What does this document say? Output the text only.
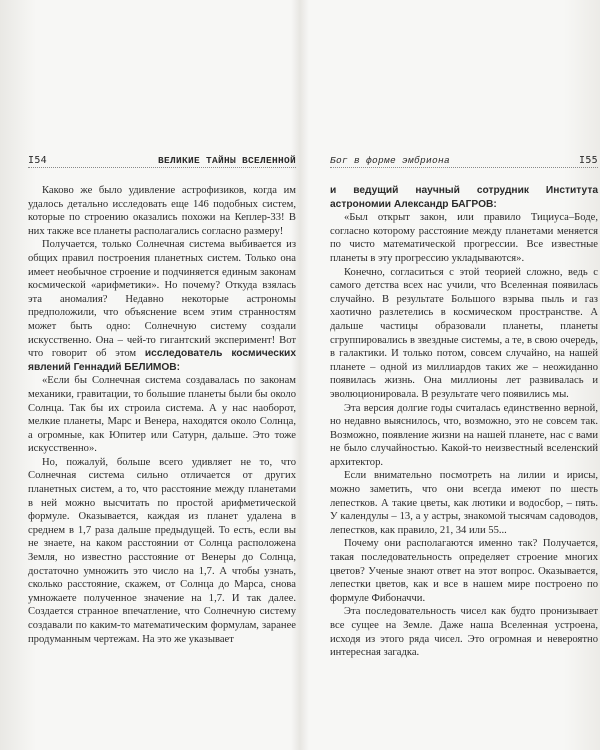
I54	ВЕЛИКИЕ ТАЙНЫ ВСЕЛЕННОЙ

Каково же было удивление астрофизиков, когда им удалось детально исследовать еще 146 подобных систем, которые по строению оказались похожи на Кеплер-33! В них также все планеты располагались согласно размеру!

Получается, только Солнечная система выбивается из общих правил построения планетных систем. Только она имеет необычное строение и подчиняется единым законам космической «арифметики». Но почему? Откуда взялась эта аномалия? Недавно некоторые астрономы предположили, что объяснение всем этим странностям может быть одно: Солнечную систему создали искусственно. Она – чей-то гигантский эксперимент! Вот что говорит об этом исследователь космических явлений Геннадий БЕЛИМОВ:

«Если бы Солнечная система создавалась по законам механики, гравитации, то большие планеты были бы около Солнца. Так бы их строила система. А у нас наоборот, мелкие планеты, Марс и Венера, находятся около Солнца, а огромные, как Юпитер или Сатурн, дальше. Это тоже искусственно».

Но, пожалуй, больше всего удивляет не то, что Солнечная система сильно отличается от других планетных систем, а то, что расстояние между планетами в ней можно высчитать по простой арифметической формуле. Оказывается, каждая из планет удалена в среднем в 1,7 раза дальше предыдущей. То есть, если вы не знаете, на каком расстоянии от Солнца расположена Земля, но известно расстояние от Венеры до Солнца, достаточно умножить это число на 1,7. А чтобы узнать, сколько расстояние, скажем, от Солнца до Марса, снова умножаете полученное значение на 1,7. И так далее. Создается странное впечатление, что Солнечную систему создавали по каким-то математическим формулам, заранее продуманным чертежам. На это же указывает

Бог в форме эмбриона	I55

и ведущий научный сотрудник Института астрономии Александр БАГРОВ:

«Был открыт закон, или правило Тициуса–Боде, согласно которому расстояние между планетами меняется по чисто математической прогрессии. Все известные планеты в эту прогрессию укладываются».

Конечно, согласиться с этой теорией сложно, ведь с самого детства всех нас учили, что Вселенная появилась случайно. В результате Большого взрыва пыль и газ хаотично разлетелись в космическом пространстве. А дальше частицы образовали планеты, планеты сгруппировались в звездные системы, а те, в свою очередь, в галактики. И только потом, совсем случайно, на нашей планете – одной из миллиардов таких же – неожиданно появилась жизнь. Она миллионы лет развивалась и эволюционировала. В результате чего появились мы.

Эта версия долгие годы считалась единственно верной, но недавно выяснилось, что, возможно, это не совсем так. Возможно, появление жизни на нашей планете, нас с вами не было случайностью. Какой-то неизвестный вселенский архитектор.

Если внимательно посмотреть на лилии и ирисы, можно заметить, что они всегда имеют по шесть лепестков. А такие цветы, как лютики и водосбор, – пять. У календулы – 13, а у астры, знакомой тысячам садоводов, лепестков, как правило, 21, 34 или 55...

Почему они располагаются именно так? Получается, такая последовательность определяет строение многих цветов? Ученые знают ответ на этот вопрос. Оказывается, лепестки цветов, как и все в нашем мире построено по формуле Фибоначчи.

Эта последовательность чисел как будто пронизывает все сущее на Земле. Даже наша Вселенная устроена, исходя из этого ряда чисел. Это огромная и невероятно интересная загадка.
